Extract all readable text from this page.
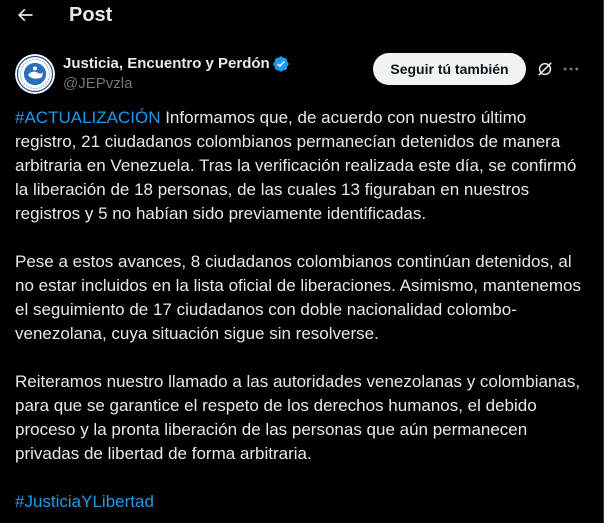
Post
Justicia, Encuentro y Perdón
@JEPvzla
Seguir tú también

#ACTUALIZACIÓN Informamos que, de acuerdo con nuestro último registro, 21 ciudadanos colombianos permanecían detenidos de manera arbitraria en Venezuela. Tras la verificación realizada este día, se confirmó la liberación de 18 personas, de las cuales 13 figuraban en nuestros registros y 5 no habían sido previamente identificadas.

Pese a estos avances, 8 ciudadanos colombianos continúan detenidos, al no estar incluidos en la lista oficial de liberaciones. Asimismo, mantenemos el seguimiento de 17 ciudadanos con doble nacionalidad colombo-venezolana, cuya situación sigue sin resolverse.

Reiteramos nuestro llamado a las autoridades venezolanas y colombianas, para que se garantice el respeto de los derechos humanos, el debido proceso y la pronta liberación de las personas que aún permanecen privadas de libertad de forma arbitraria.

#JusticiaYLibertad
